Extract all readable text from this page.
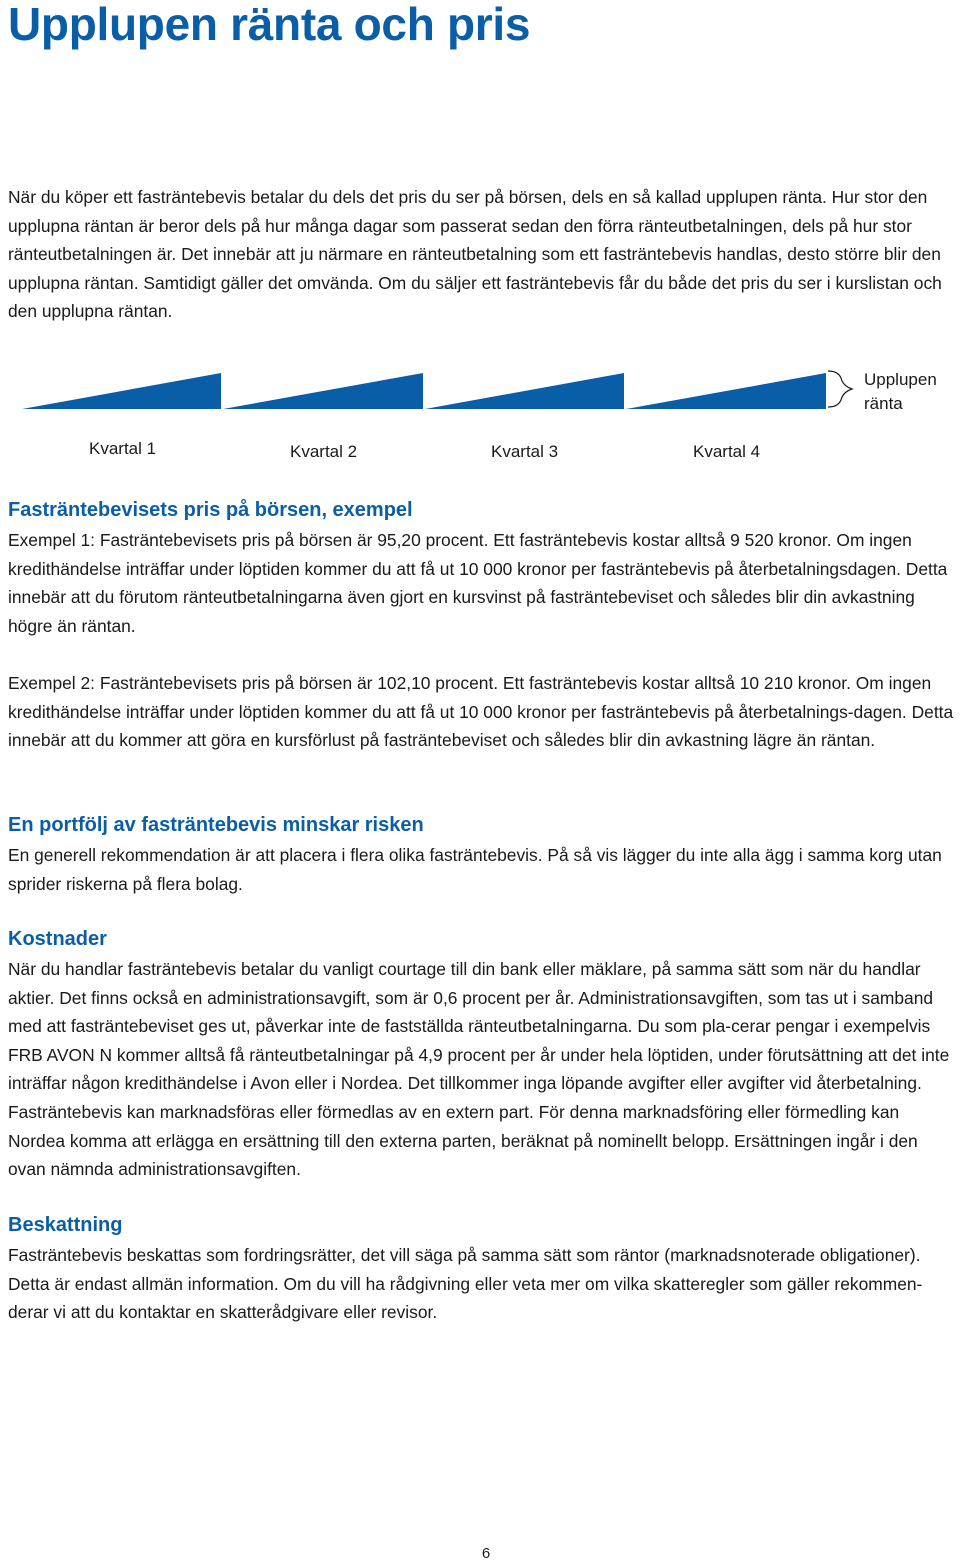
Upplupen ränta och pris

När du köper ett fasträntebevis betalar du dels det pris du ser på börsen, dels en så kallad upplupen ränta. Hur stor den upplupna räntan är beror dels på hur många dagar som passerat sedan den förra ränteutbetalningen, dels på hur stor ränteutbetalningen är. Det innebär att ju närmare en ränteutbetalning som ett fasträntebevis handlas, desto större blir den upplupna räntan. Samtidigt gäller det omvända. Om du säljer ett fasträntebevis får du både det pris du ser i kurslistan och den upplupna räntan.

Upplupen
ränta
Kvartal 1	Kvartal 2	Kvartal 3	Kvartal 4
Fasträntebevisets pris på börsen, exempel

Exempel 1: Fasträntebevisets pris på börsen är 95,20 procent. Ett fasträntebevis kostar alltså 9 520 kronor. Om ingen kredithändelse inträffar under löptiden kommer du att få ut 10 000 kronor per fasträntebevis på återbetalningsdagen. Detta innebär att du förutom ränteutbetalningarna även gjort en kursvinst på fasträntebeviset och således blir din avkastning högre än räntan.

Exempel 2: Fasträntebevisets pris på börsen är 102,10 procent. Ett fasträntebevis kostar alltså 10 210 kronor. Om ingen kredithändelse inträffar under löptiden kommer du att få ut 10 000 kronor per fasträntebevis på återbetalnings-dagen. Detta innebär att du kommer att göra en kursförlust på fasträntebeviset och således blir din avkastning lägre än räntan.

En portfölj av fasträntebevis minskar risken

En generell rekommendation är att placera i flera olika fasträntebevis. På så vis lägger du inte alla ägg i samma korg utan sprider riskerna på flera bolag.

Kostnader

När du handlar fasträntebevis betalar du vanligt courtage till din bank eller mäklare, på samma sätt som när du handlar aktier. Det finns också en administrationsavgift, som är 0,6 procent per år. Administrationsavgiften, som tas ut i samband med att fasträntebeviset ges ut, påverkar inte de fastställda ränteutbetalningarna. Du som pla-cerar pengar i exempelvis FRB AVON N kommer alltså få ränteutbetalningar på 4,9 procent per år under hela löptiden, under förutsättning att det inte inträffar någon kredithändelse i Avon eller i Nordea. Det tillkommer inga löpande avgifter eller avgifter vid återbetalning. Fasträntebevis kan marknadsföras eller förmedlas av en extern part. För denna marknadsföring eller förmedling kan Nordea komma att erlägga en ersättning till den externa parten, beräknat på nominellt belopp. Ersättningen ingår i den ovan nämnda administrationsavgiften.

Beskattning

Fasträntebevis beskattas som fordringsrätter, det vill säga på samma sätt som räntor (marknadsnoterade obligationer). Detta är endast allmän information. Om du vill ha rådgivning eller veta mer om vilka skatteregler som gäller rekommen-derar vi att du kontaktar en skatterådgivare eller revisor.

6
